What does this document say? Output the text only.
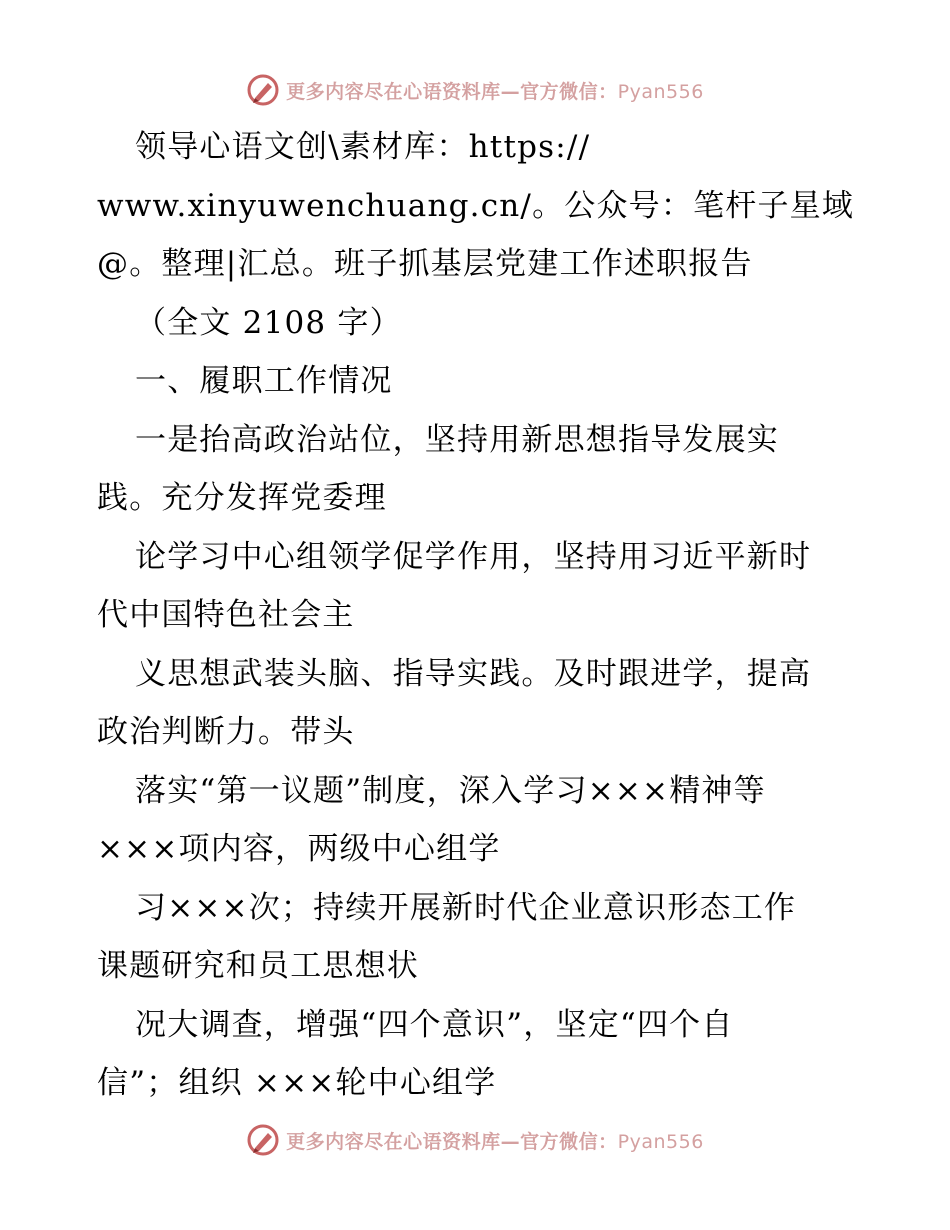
更多内容尽在心语资料库—官方微信：Pyan556
领导心语文创\素材库：https://
www.xinyuwenchuang.cn/。公众号：笔杆子星域
@。整理|汇总。班子抓基层党建工作述职报告
（全文 2108 字）
一、履职工作情况
一是抬高政治站位，坚持用新思想指导发展实
践。充分发挥党委理
论学习中心组领学促学作用，坚持用习近平新时
代中国特色社会主
义思想武装头脑、指导实践。及时跟进学，提高
政治判断力。带头
落实“第一议题”制度，深入学习×××精神等
×××项内容，两级中心组学
习×××次；持续开展新时代企业意识形态工作
课题研究和员工思想状
况大调查，增强“四个意识”，坚定“四个自
信”；组织 ×××轮中心组学
更多内容尽在心语资料库—官方微信：Pyan556
